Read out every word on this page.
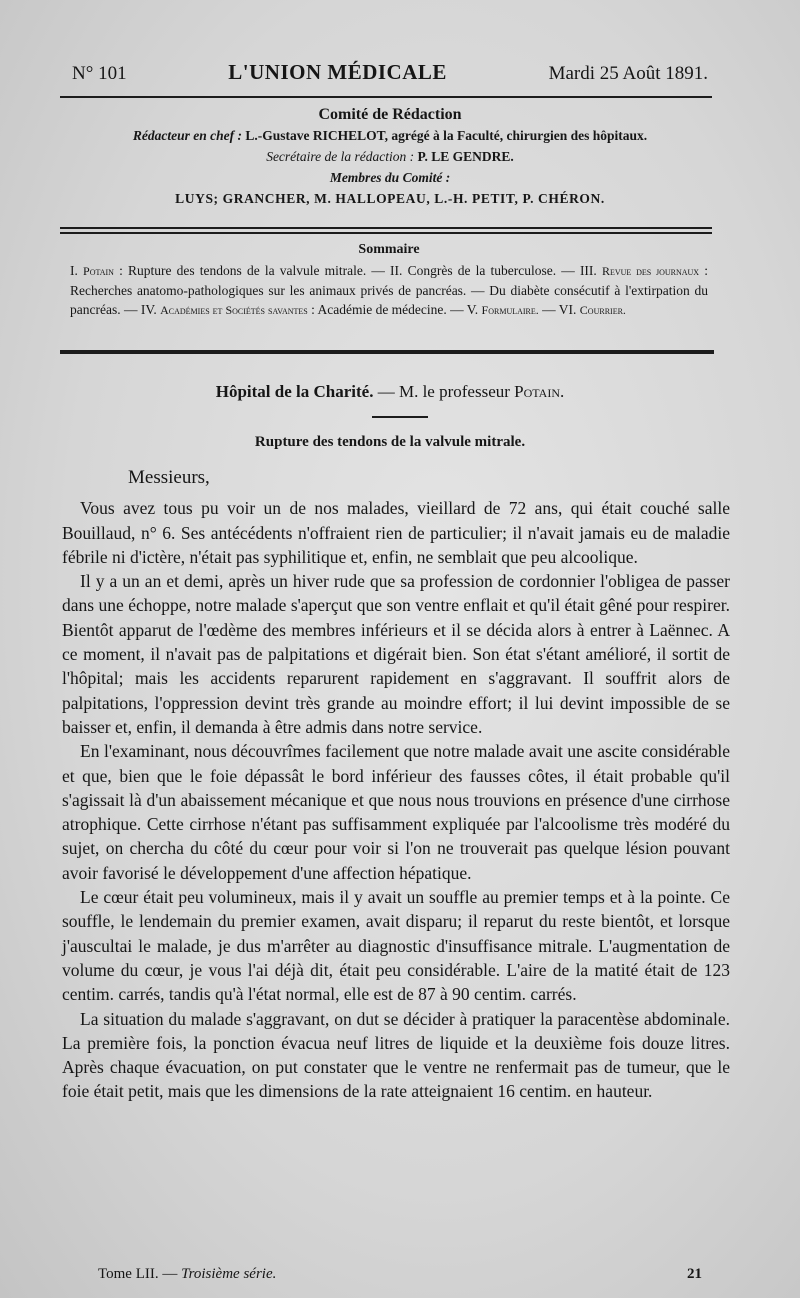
N° 101	L'UNION MÉDICALE	Mardi 25 Août 1891.
Comité de Rédaction
Rédacteur en chef : L.-Gustave RICHELOT, agrégé à la Faculté, chirurgien des hôpitaux.
Secrétaire de la rédaction : P. LE GENDRE.
Membres du Comité :
LUYS; GRANCHER, M. HALLOPEAU, L.-H. PETIT, P. CHÉRON.
Sommaire
I. Potain : Rupture des tendons de la valvule mitrale. — II. Congrès de la tuberculose. — III. Revue des journaux : Recherches anatomo-pathologiques sur les animaux privés de pancréas. — Du diabète consécutif à l'extirpation du pancréas. — IV. Académies et Sociétés savantes : Académie de médecine. — V. Formulaire. — VI. Courrier.
Hôpital de la Charité. — M. le professeur Potain.
Rupture des tendons de la valvule mitrale.

Messieurs,

Vous avez tous pu voir un de nos malades, vieillard de 72 ans, qui était couché salle Bouillaud, n° 6. Ses antécédents n'offraient rien de particulier; il n'avait jamais eu de maladie fébrile ni d'ictère, n'était pas syphilitique et, enfin, ne semblait que peu alcoolique.

Il y a un an et demi, après un hiver rude que sa profession de cordonnier l'obligea de passer dans une échoppe, notre malade s'aperçut que son ventre enflait et qu'il était gêné pour respirer. Bientôt apparut de l'œdème des membres inférieurs et il se décida alors à entrer à Laënnec. A ce moment, il n'avait pas de palpitations et digérait bien. Son état s'étant amélioré, il sortit de l'hôpital; mais les accidents reparurent rapidement en s'aggravant. Il souffrit alors de palpitations, l'oppression devint très grande au moindre effort; il lui devint impossible de se baisser et, enfin, il demanda à être admis dans notre service.

En l'examinant, nous découvrîmes facilement que notre malade avait une ascite considérable et que, bien que le foie dépassât le bord inférieur des fausses côtes, il était probable qu'il s'agissait là d'un abaissement mécanique et que nous nous trouvions en présence d'une cirrhose atrophique. Cette cirrhose n'étant pas suffisamment expliquée par l'alcoolisme très modéré du sujet, on chercha du côté du cœur pour voir si l'on ne trouverait pas quelque lésion pouvant avoir favorisé le développement d'une affection hépatique.

Le cœur était peu volumineux, mais il y avait un souffle au premier temps et à la pointe. Ce souffle, le lendemain du premier examen, avait disparu; il reparut du reste bientôt, et lorsque j'auscultai le malade, je dus m'arrêter au diagnostic d'insuffisance mitrale. L'augmentation de volume du cœur, je vous l'ai déjà dit, était peu considérable. L'aire de la matité était de 123 centim. carrés, tandis qu'à l'état normal, elle est de 87 à 90 centim. carrés.

La situation du malade s'aggravant, on dut se décider à pratiquer la paracentèse abdominale. La première fois, la ponction évacua neuf litres de liquide et la deuxième fois douze litres. Après chaque évacuation, on put constater que le ventre ne renfermait pas de tumeur, que le foie était petit, mais que les dimensions de la rate atteignaient 16 centim. en hauteur.

Tome LII. — Troisième série.	21
